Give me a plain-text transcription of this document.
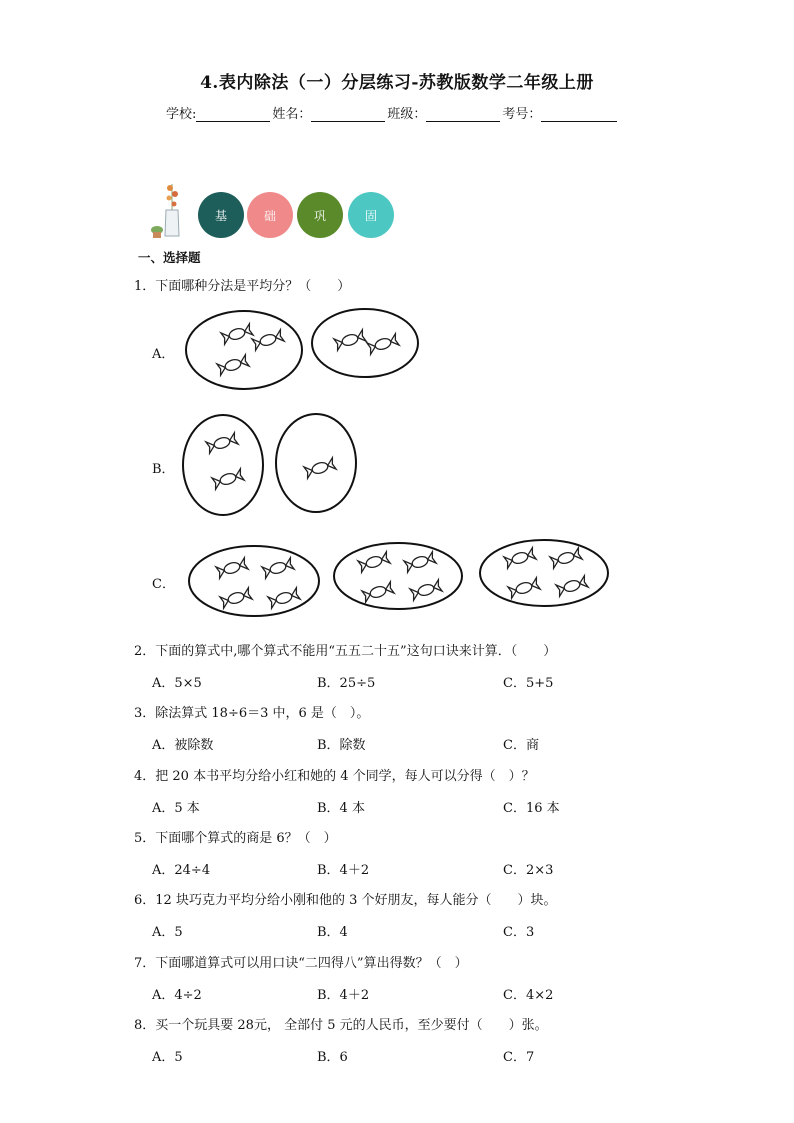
4.表内除法（一）分层练习-苏教版数学二年级上册
学校:	姓名：	班级：	考号：
基	础	巩	固
一、选择题
1．下面哪种分法是平均分？（　　）
A．
B．
C．
2．下面的算式中,哪个算式不能用“五五二十五”这句口诀来计算．（　　）
A．5×5	B．25÷5	C．5+5
3．除法算式 18÷6＝3 中，6 是（　）。
A．被除数	B．除数	C．商
4．把 20 本书平均分给小红和她的 4 个同学，每人可以分得（　）？
A．5 本	B．4 本	C．16 本
5．下面哪个算式的商是 6？（　）
A．24÷4	B．4＋2	C．2×3
6．12 块巧克力平均分给小刚和他的 3 个好朋友，每人能分（　　）块。
A．5	B．4	C．3
7．下面哪道算式可以用口诀“二四得八”算出得数？（　）
A．4÷2	B．4＋2	C．4×2
8．买一个玩具要 28元， 全部付 5 元的人民币，至少要付（　　）张。
A．5	B．6	C．7
